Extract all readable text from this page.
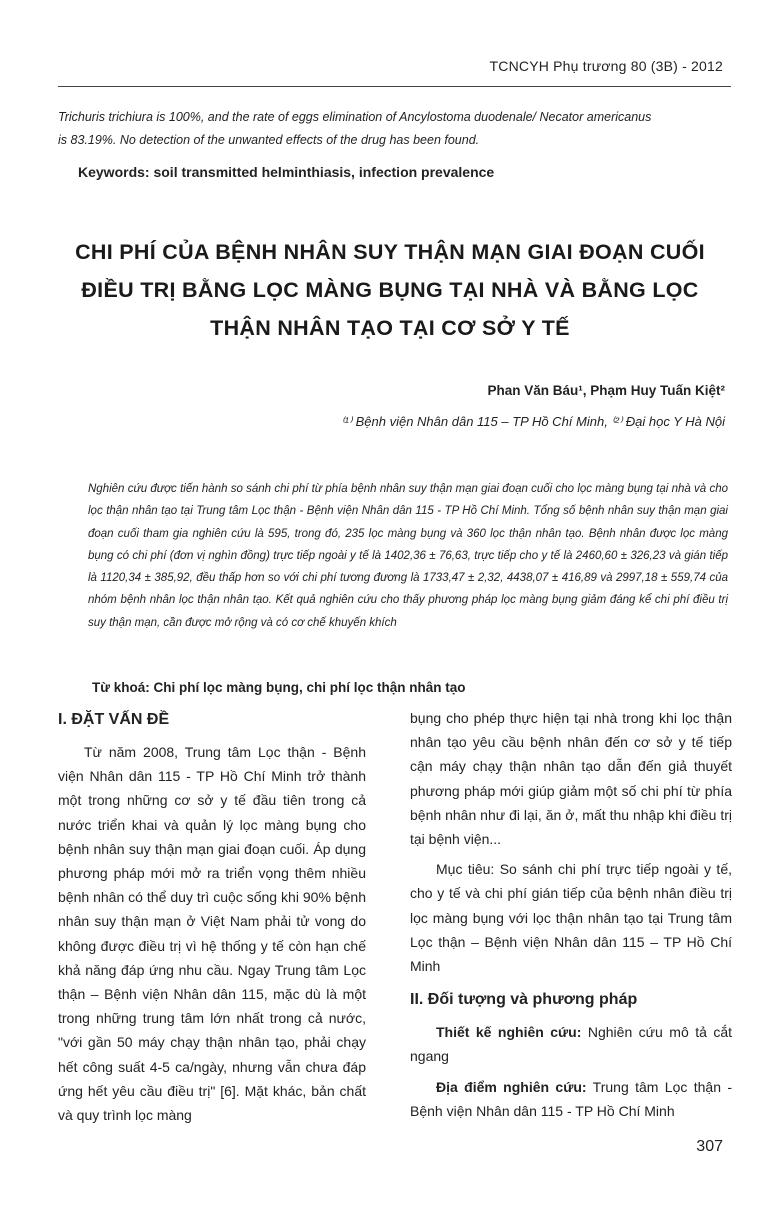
TCNCYH Phụ trương 80 (3B) - 2012
Trichuris trichiura is 100%, and the rate of eggs elimination of Ancylostoma duodenale/ Necator americanus
is 83.19%. No detection of the unwanted effects of the drug has been found.
Keywords: soil transmitted helminthiasis, infection prevalence
CHI PHÍ CỦA BỆNH NHÂN SUY THẬN MẠN GIAI ĐOẠN CUỐI
ĐIỀU TRỊ BẰNG LỌC MÀNG BỤNG TẠI NHÀ VÀ BẰNG LỌC
THẬN NHÂN TẠO TẠI CƠ SỞ Y TẾ
Phan Văn Báu¹, Phạm Huy Tuấn Kiệt²
⁽¹⁾ Bệnh viện Nhân dân 115 – TP Hồ Chí Minh, ⁽²⁾ Đại học Y Hà Nội
Nghiên cứu được tiến hành so sánh chi phí từ phía bệnh nhân suy thận mạn giai đoạn cuối cho lọc màng bụng tại nhà và cho lọc thận nhân tạo tại Trung tâm Lọc thận - Bệnh viện Nhân dân 115 - TP Hồ Chí Minh. Tổng số bệnh nhân suy thận mạn giai đoạn cuối tham gia nghiên cứu là 595, trong đó, 235 lọc màng bụng và 360 lọc thận nhân tạo. Bệnh nhân được lọc màng bụng có chi phí (đơn vị nghìn đồng) trực tiếp ngoài y tế là 1402,36 ± 76,63, trực tiếp cho y tế là 2460,60 ± 326,23 và gián tiếp là 1120,34 ± 385,92, đều thấp hơn so với chi phí tương đương là 1733,47 ± 2,32, 4438,07 ± 416,89 và 2997,18 ± 559,74 của nhóm bệnh nhân lọc thận nhân tạo. Kết quả nghiên cứu cho thấy phương pháp lọc màng bụng giảm đáng kể chi phí điều trị suy thận mạn, cần được mở rộng và có cơ chế khuyến khích
Từ khoá: Chi phí lọc màng bụng, chi phí lọc thận nhân tạo
I. ĐẶT VẤN ĐỀ
Từ năm 2008, Trung tâm Lọc thận - Bệnh viện Nhân dân 115 - TP Hồ Chí Minh trở thành một trong những cơ sở y tế đầu tiên trong cả nước triển khai và quản lý lọc màng bụng cho bệnh nhân suy thận mạn giai đoạn cuối. Áp dụng phương pháp mới mở ra triển vọng thêm nhiều bệnh nhân có thể duy trì cuộc sống khi 90% bệnh nhân suy thận mạn ở Việt Nam phải tử vong do không được điều trị vì hệ thống y tế còn hạn chế khả năng đáp ứng nhu cầu. Ngay Trung tâm Lọc thận – Bệnh viện Nhân dân 115, mặc dù là một trong những trung tâm lớn nhất trong cả nước, "với gần 50 máy chạy thận nhân tạo, phải chạy hết công suất 4-5 ca/ngày, nhưng vẫn chưa đáp ứng hết yêu cầu điều trị" [6]. Mặt khác, bản chất và quy trình lọc màng
bụng cho phép thực hiện tại nhà trong khi lọc thận nhân tạo yêu cầu bệnh nhân đến cơ sở y tế tiếp cận máy chạy thận nhân tạo dẫn đến giả thuyết phương pháp mới giúp giảm một số chi phí từ phía bệnh nhân như đi lại, ăn ở, mất thu nhập khi điều trị tại bệnh viện...
Mục tiêu: So sánh chi phí trực tiếp ngoài y tế, cho y tế và chi phí gián tiếp của bệnh nhân điều trị lọc màng bụng với lọc thận nhân tạo tại Trung tâm Lọc thận – Bệnh viện Nhân dân 115 – TP Hồ Chí Minh
II. Đối tượng và phương pháp
Thiết kế nghiên cứu: Nghiên cứu mô tả cắt ngang
Địa điểm nghiên cứu: Trung tâm Lọc thận - Bệnh viện Nhân dân 115 - TP Hồ Chí Minh
307
